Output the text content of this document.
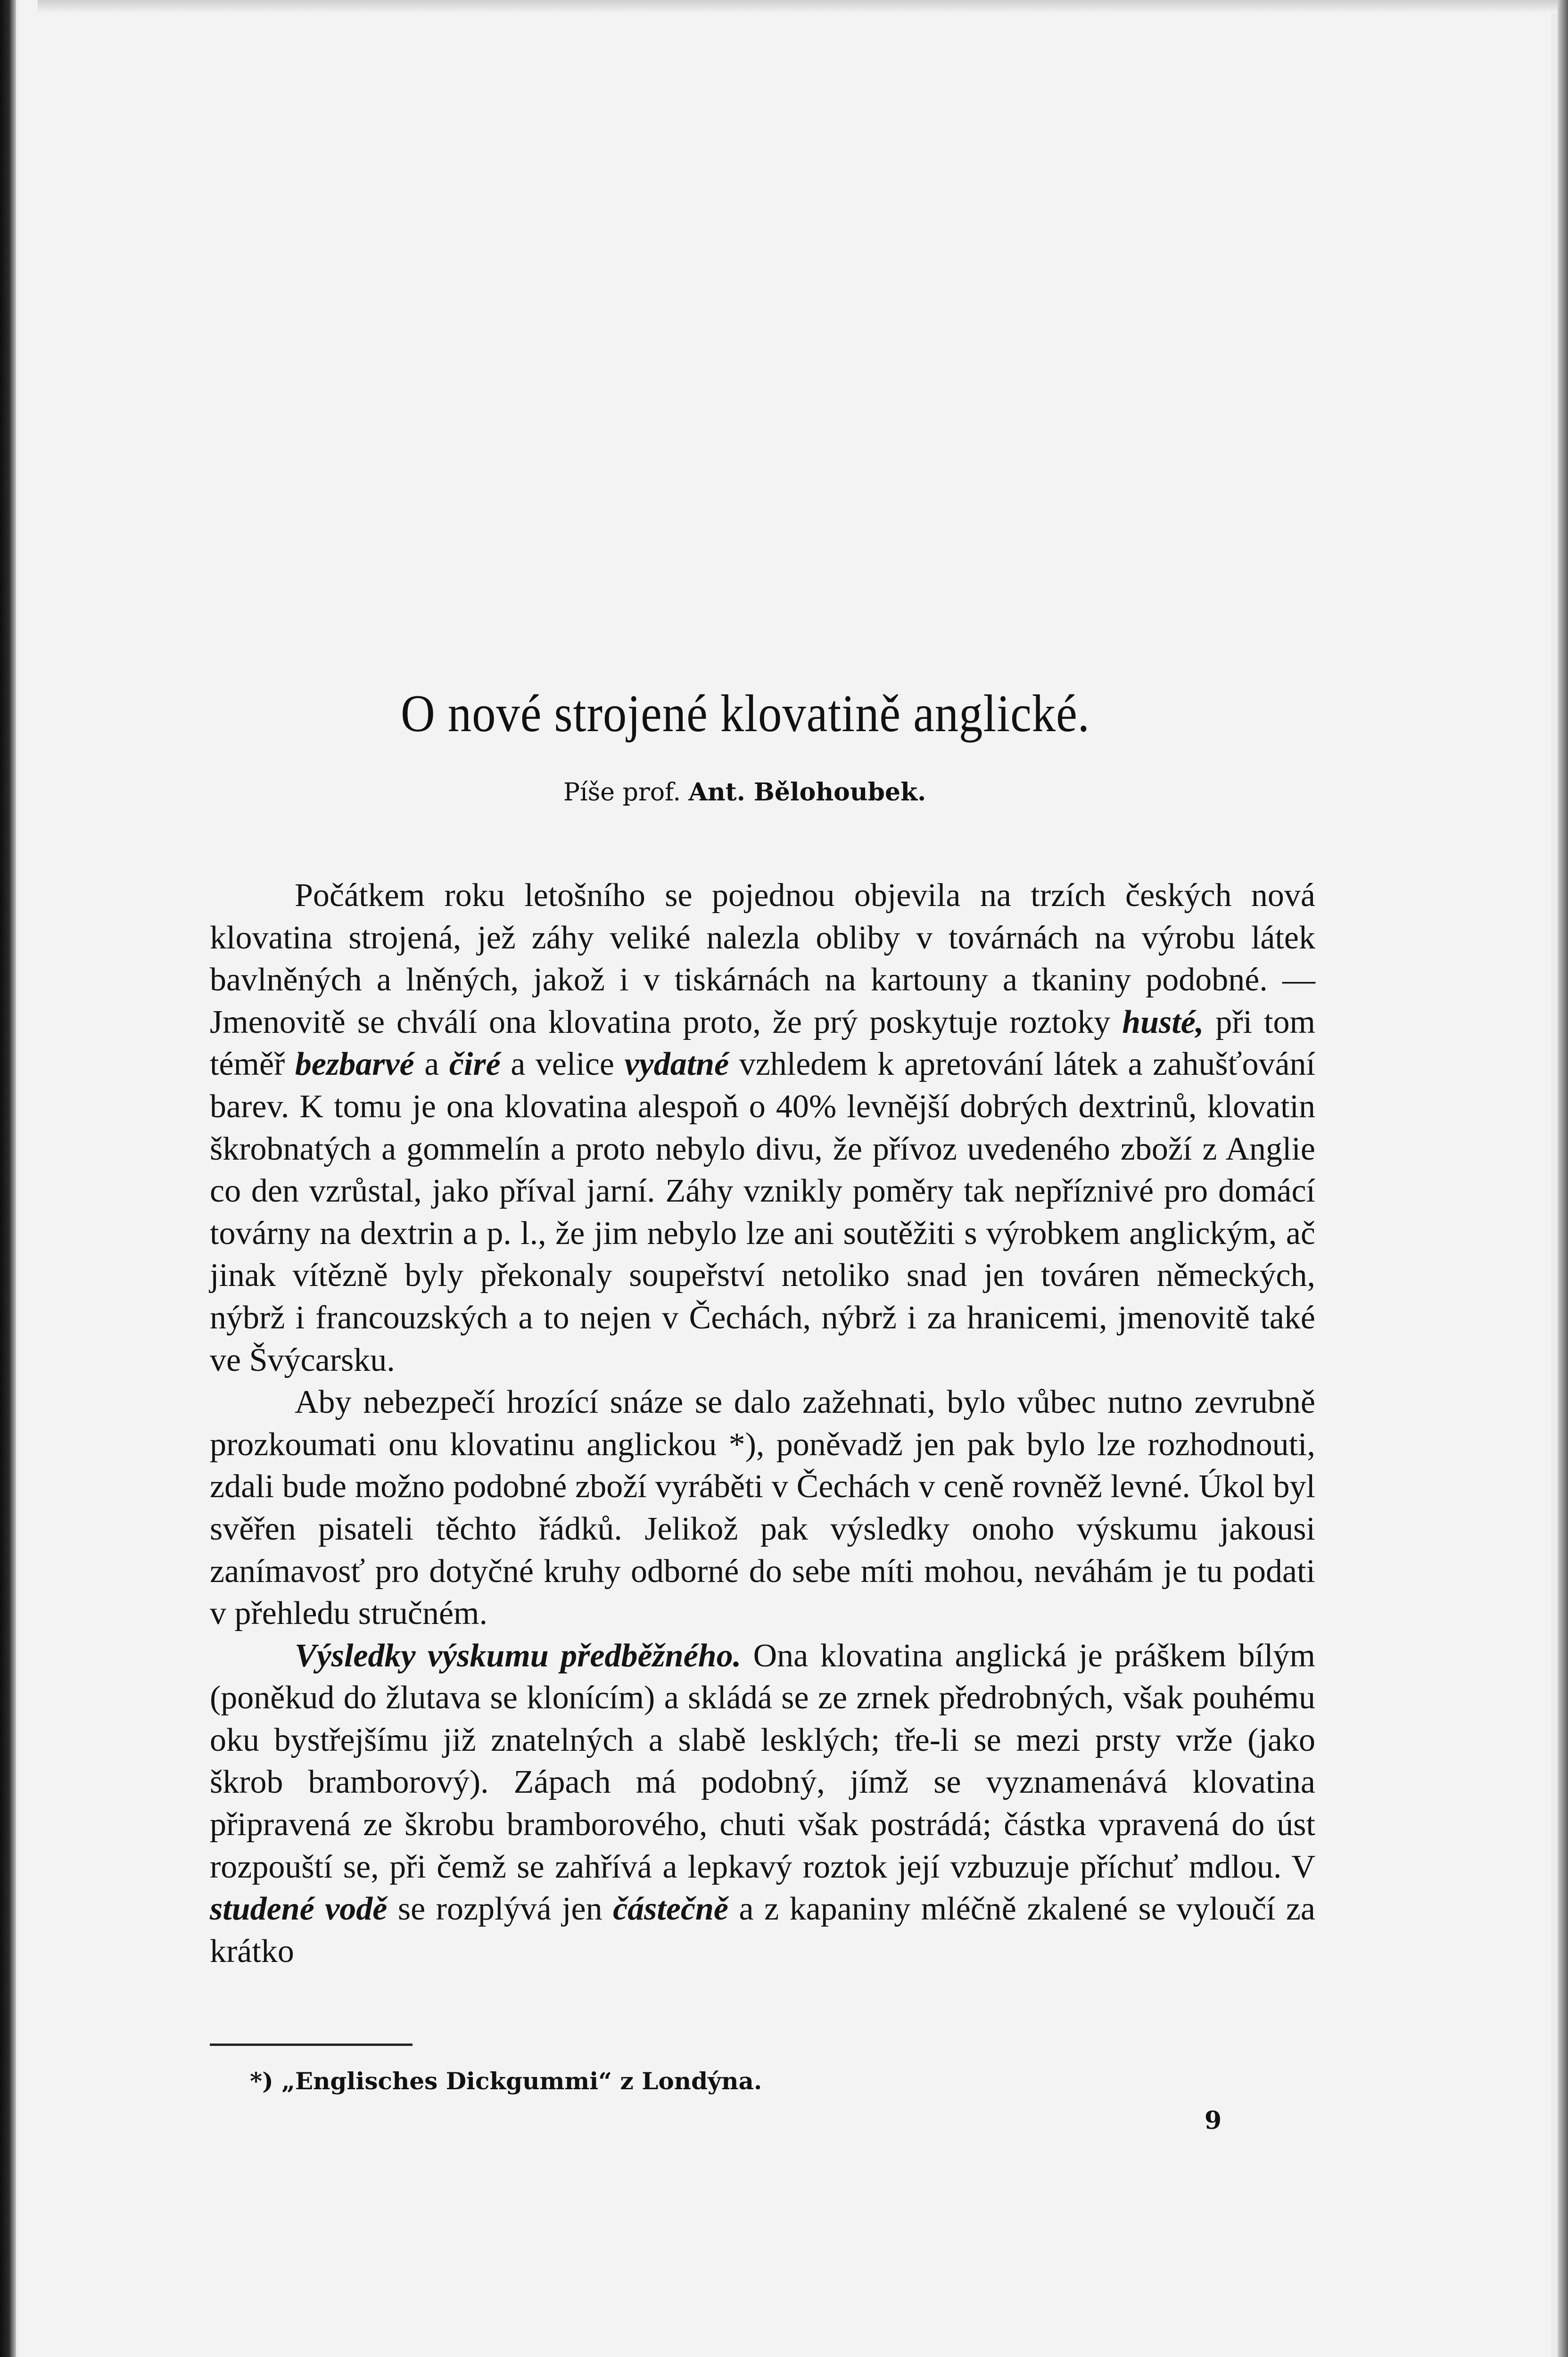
O nové strojené klovatině anglické.
Píše prof. Ant. Bělohoubek.

Počátkem roku letošního se pojednou objevila na trzích českých nová klovatina strojená, jež záhy veliké nalezla obliby v továrnách na výrobu látek bavlněných a lněných, jakož i v tiskárnách na kartouny a tkaniny podobné. — Jmenovitě se chválí ona klovatina proto, že prý poskytuje roztoky husté, při tom téměř bezbarvé a čiré a velice vydatné vzhledem k apretování látek a zahušťování barev. K tomu je ona klovatina alespoň o 40% levnější dobrých dextrinů, klovatin škrobnatých a gommelín a proto nebylo divu, že přívoz uvedeného zboží z Anglie co den vzrůstal, jako příval jarní. Záhy vznikly poměry tak nepříznivé pro domácí továrny na dextrin a p. l., že jim nebylo lze ani soutěžiti s výrobkem anglickým, ač jinak vítězně byly překonaly soupeřství netoliko snad jen továren německých, nýbrž i francouzských a to nejen v Čechách, nýbrž i za hranicemi, jmenovitě také ve Švýcarsku.

Aby nebezpečí hrozící snáze se dalo zažehnati, bylo vůbec nutno zevrubně prozkoumati onu klovatinu anglickou *), poněvadž jen pak bylo lze rozhodnouti, zdali bude možno podobné zboží vyráběti v Čechách v ceně rovněž levné. Úkol byl svěřen pisateli těchto řádků. Jelikož pak výsledky onoho výskumu jakousi zanímavosť pro dotyčné kruhy odborné do sebe míti mohou, neváhám je tu podati v přehledu stručném.

Výsledky výskumu předběžného. Ona klovatina anglická je práškem bílým (poněkud do žlutava se klonícím) a skládá se ze zrnek předrobných, však pouhému oku bystřejšímu již znatelných a slabě lesklých; tře-li se mezi prsty vrže (jako škrob bramborový). Zápach má podobný, jímž se vyznamenává klovatina připravená ze škrobu bramborového, chuti však postrádá; částka vpravená do úst rozpouští se, při čemž se zahřívá a lepkavý roztok její vzbuzuje příchuť mdlou. V studené vodě se rozplývá jen částečně a z kapaniny mléčně zkalené se vyloučí za krátko

*) „Englisches Dickgummi“ z Londýna.
9
